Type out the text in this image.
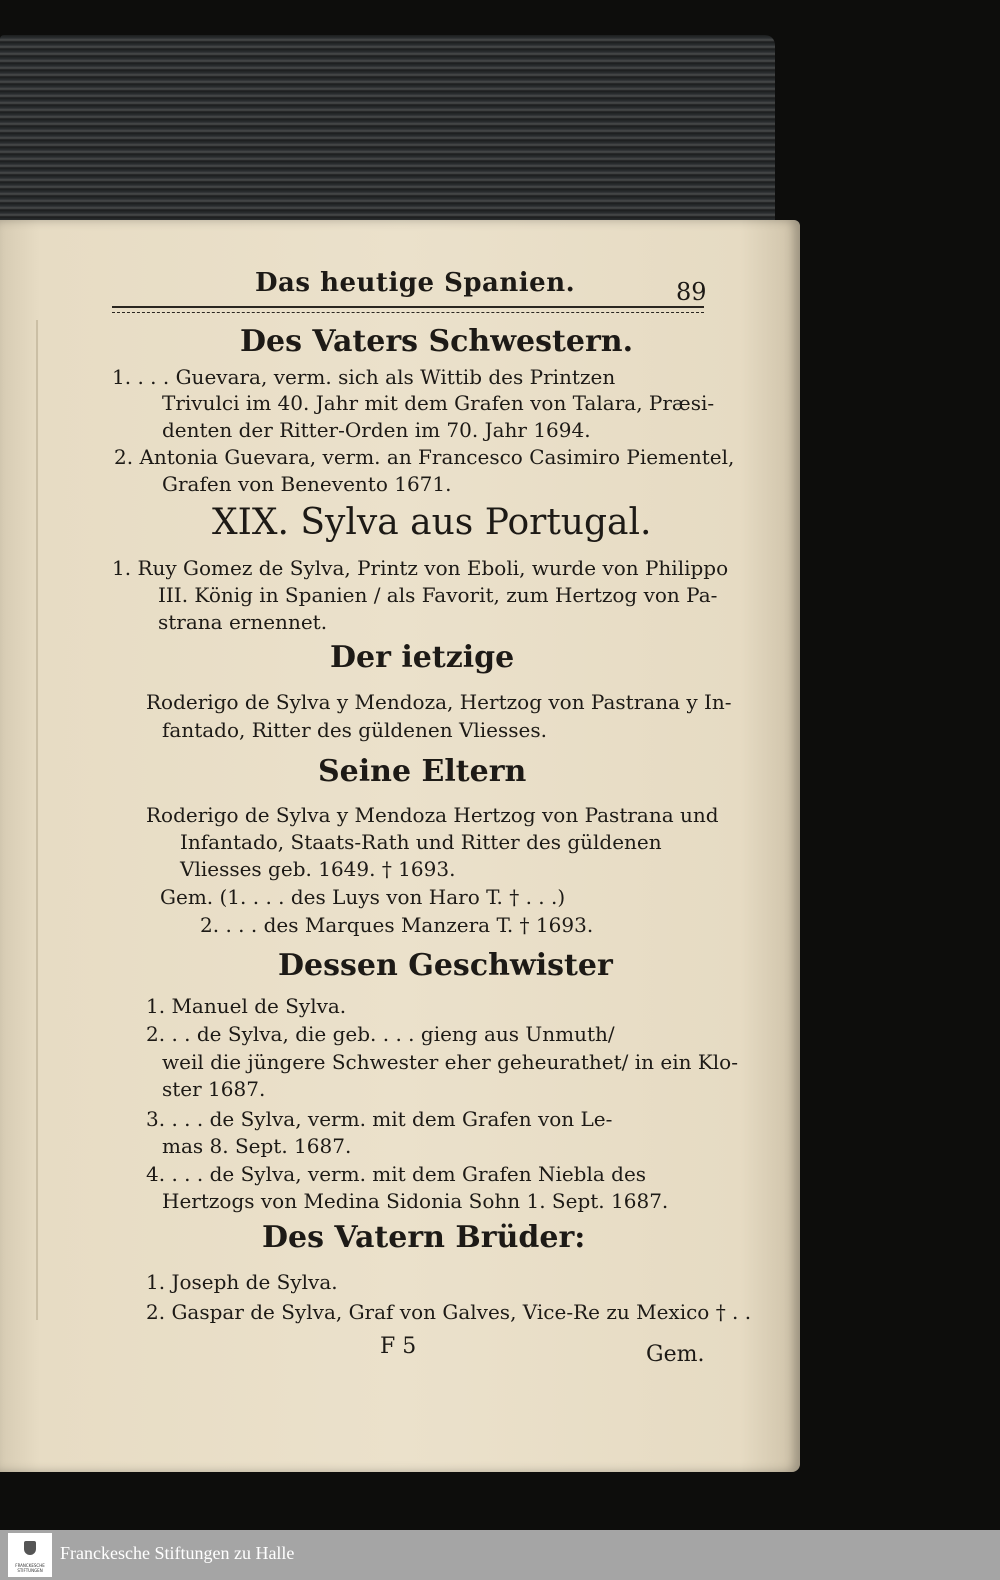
Das heutige Spanien.	89
Des Vaters Schwestern.
1. . . . Guevara, verm. sich als Wittib des Printzen
Trivulci im 40. Jahr mit dem Grafen von Talara, Præsi-
denten der Ritter-Orden im 70. Jahr 1694.
2. Antonia Guevara, verm. an Francesco Casimiro Piementel,
Grafen von Benevento 1671.
XIX. Sylva aus Portugal.
1. Ruy Gomez de Sylva, Printz von Eboli, wurde von Philippo
III. König in Spanien / als Favorit, zum Hertzog von Pa-
strana ernennet.
Der ietzige
Roderigo de Sylva y Mendoza, Hertzog von Pastrana y In-
fantado, Ritter des güldenen Vliesses.
Seine Eltern
Roderigo de Sylva y Mendoza Hertzog von Pastrana und
Infantado, Staats-Rath und Ritter des güldenen
Vliesses geb. 1649. † 1693.
Gem. (1. . . . des Luys von Haro T. † . . .)
2. . . . des Marques Manzera T. † 1693.
Dessen Geschwister
1. Manuel de Sylva.
2. . . de Sylva, die geb. . . . gieng aus Unmuth/
weil die jüngere Schwester eher geheurathet/ in ein Klo-
ster 1687.
3. . . . de Sylva, verm. mit dem Grafen von Le-
mas 8. Sept. 1687.
4. . . . de Sylva, verm. mit dem Grafen Niebla des
Hertzogs von Medina Sidonia Sohn 1. Sept. 1687.
Des Vatern Brüder:
1. Joseph de Sylva.
2. Gaspar de Sylva, Graf von Galves, Vice-Re zu Mexico † . .
F 5	Gem.
FRANCKESCHE
STIFTUNGEN
Franckesche Stiftungen zu Halle
